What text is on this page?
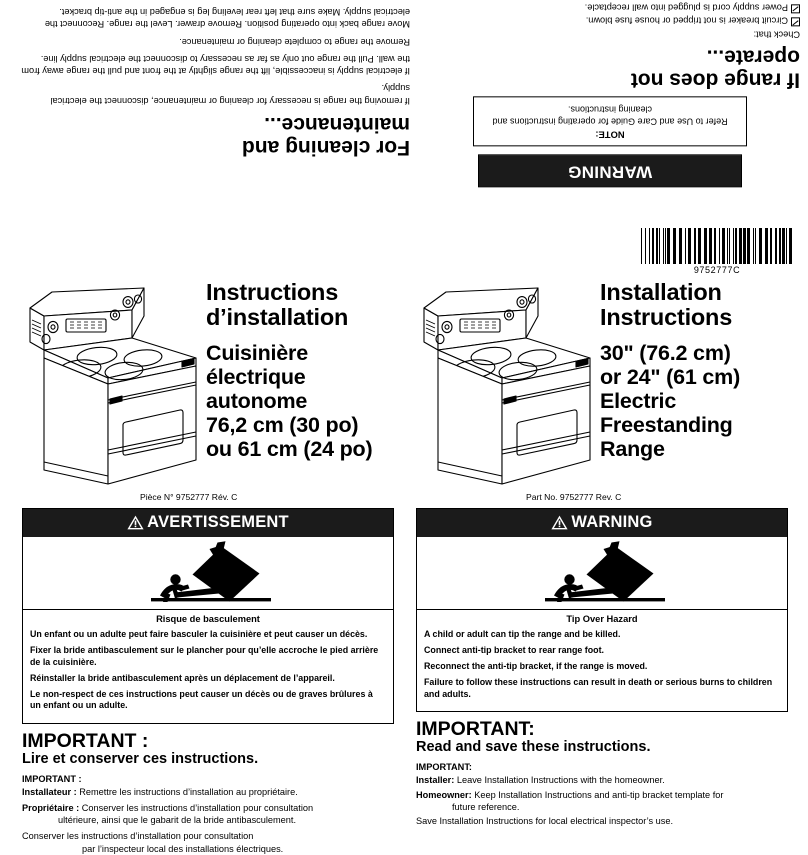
For cleaning and
maintenance...

If removing the range is necessary for cleaning or maintenance, disconnect the electrical supply.

If electrical supply is inaccessible, lift the range slightly at the front and pull the range away from the wall. Pull the range out only as far as necessary to disconnect the electrical supply line.

Remove the range to complete cleaning or maintenance.

Move range back into operating position. Remove drawer. Level the range. Reconnect the electrical supply. Make sure that left rear leveling leg is engaged in the anti-tip bracket.

WARNING
NOTE:
Refer to Use and Care Guide for operating instructions and cleaning instructions.
If range does not
operate...
Check that:
Circuit breaker is not tripped or house fuse blown.
Power supply cord is plugged into wall receptacle.
9752777C
Instructions
d’installation
Cuisinière
électrique
autonome
76,2 cm (30 po)
ou 61 cm (24 po)
Pièce N° 9752777 Rév. C
AVERTISSEMENT
Risque de basculement

Un enfant ou un adulte peut faire basculer la cuisinière et peut causer un décès.

Fixer la bride antibasculement sur le plancher pour qu’elle accroche le pied arrière de la cuisinière.

Réinstaller la bride antibasculement après un déplacement de l’appareil.

Le non-respect de ces instructions peut causer un décès ou de graves brûlures à un enfant ou un adulte.

IMPORTANT :
Lire et conserver ces instructions.
IMPORTANT :
Installateur : Remettre les instructions d’installation au propriétaire.
Propriétaire : Conserver les instructions d’installation pour consultation
ultérieure, ainsi que le gabarit de la bride antibasculement.
Conserver les instructions d’installation pour consultation
par l’inspecteur local des installations électriques.
Installation
Instructions
30" (76.2 cm)
or 24" (61 cm)
Electric
Freestanding
Range
Part No. 9752777 Rev. C
WARNING
Tip Over Hazard

A child or adult can tip the range and be killed.

Connect anti-tip bracket to rear range foot.

Reconnect the anti-tip bracket, if the range is moved.

Failure to follow these instructions can result in death or serious burns to children and adults.

IMPORTANT:
Read and save these instructions.
IMPORTANT:
Installer: Leave Installation Instructions with the homeowner.
Homeowner: Keep Installation Instructions and anti-tip bracket template for
future reference.
Save Installation Instructions for local electrical inspector’s use.
